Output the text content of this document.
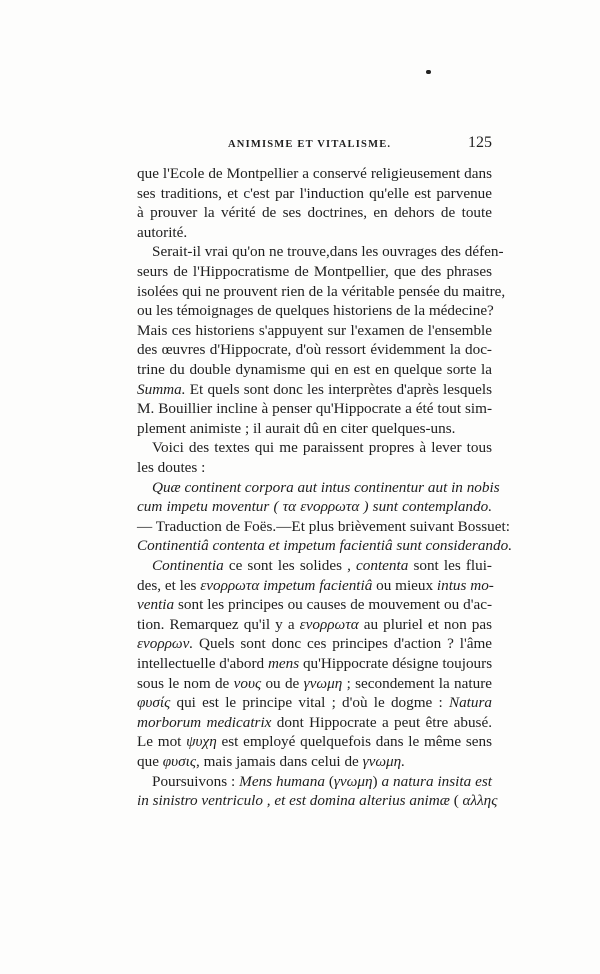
ANIMISME ET VITALISME.	125
que l'Ecole de Montpellier a conservé religieusement dans
ses traditions, et c'est par l'induction qu'elle est parvenue
à prouver la vérité de ses doctrines, en dehors de toute
autorité.
Serait-il vrai qu'on ne trouve,dans les ouvrages des défen-
seurs de l'Hippocratisme de Montpellier, que des phrases
isolées qui ne prouvent rien de la véritable pensée du maitre,
ou les témoignages de quelques historiens de la médecine?
Mais ces historiens s'appuyent sur l'examen de l'ensemble
des œuvres d'Hippocrate, d'où ressort évidemment la doc-
trine du double dynamisme qui en est en quelque sorte la
Summa. Et quels sont donc les interprètes d'après lesquels
M. Bouillier incline à penser qu'Hippocrate a été tout sim-
plement animiste ; il aurait dû en citer quelques-uns.
Voici des textes qui me paraissent propres à lever tous
les doutes :
Quæ continent corpora aut intus continentur aut in nobis
cum impetu moventur ( τα ενορρωτα ) sunt contemplando.
— Traduction de Foës.—Et plus brièvement suivant Bossuet:
Continentiâ contenta et impetum facientiâ sunt considerando.
Continentia ce sont les solides , contenta sont les flui-
des, et les ενορρωτα impetum facientiâ ou mieux intus mo-
ventia sont les principes ou causes de mouvement ou d'ac-
tion. Remarquez qu'il y a ενορρωτα au pluriel et non pas
ενορρων. Quels sont donc ces principes d'action ? l'âme
intellectuelle d'abord mens qu'Hippocrate désigne toujours
sous le nom de νους ou de γνωμη ; secondement la nature
φυσίς qui est le principe vital ; d'où le dogme : Natura
morborum medicatrix dont Hippocrate a peut être abusé.
Le mot ψυχη est employé quelquefois dans le même sens
que φυσις, mais jamais dans celui de γνωμη.
Poursuivons : Mens humana (γνωμη) a natura insita est
in sinistro ventriculo , et est domina alterius animæ ( αλλης
